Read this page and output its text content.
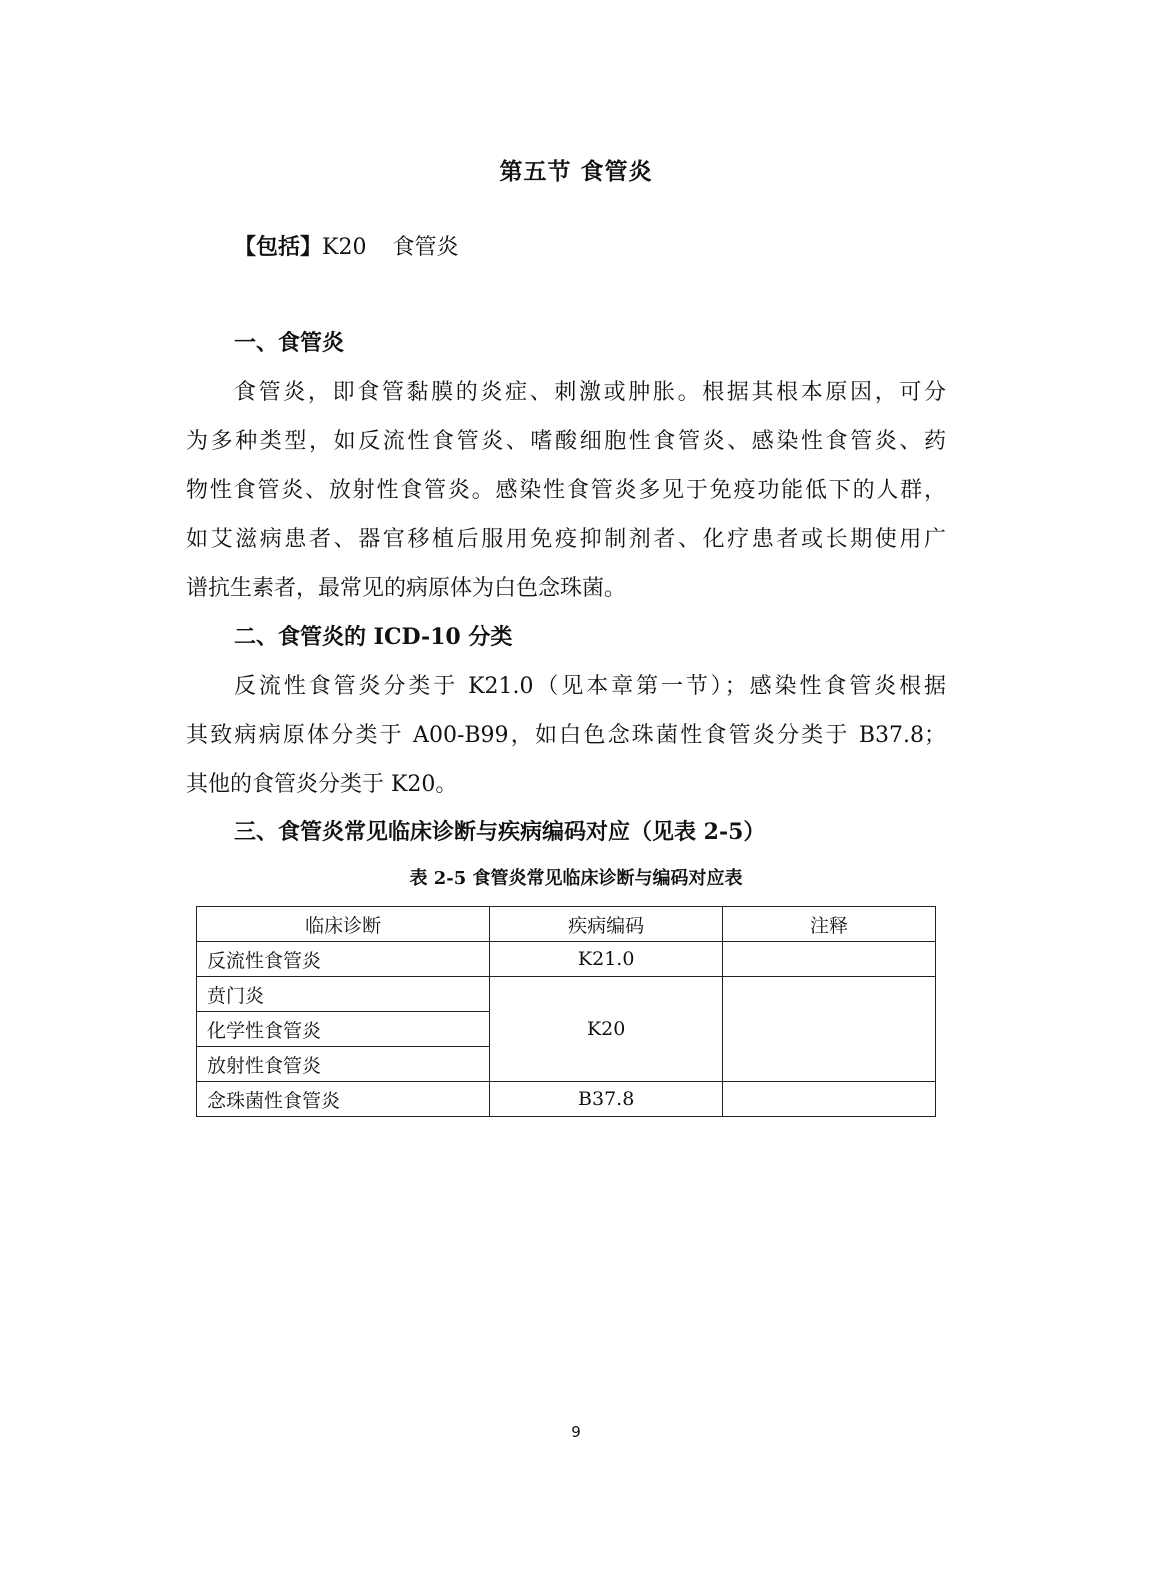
第五节 食管炎
【包括】K20 食管炎
一、食管炎
食管炎，即食管黏膜的炎症、刺激或肿胀。根据其根本原因，可分
为多种类型，如反流性食管炎、嗜酸细胞性食管炎、感染性食管炎、药
物性食管炎、放射性食管炎。感染性食管炎多见于免疫功能低下的人群，
如艾滋病患者、器官移植后服用免疫抑制剂者、化疗患者或长期使用广
谱抗生素者，最常见的病原体为白色念珠菌。
二、食管炎的 ICD-10 分类
反流性食管炎分类于 K21.0（见本章第一节）；感染性食管炎根据
其致病病原体分类于 A00-B99，如白色念珠菌性食管炎分类于 B37.8；
其他的食管炎分类于 K20。
三、食管炎常见临床诊断与疾病编码对应（见表 2-5）
表 2-5 食管炎常见临床诊断与编码对应表
临床诊断	疾病编码	注释
反流性食管炎	K21.0	
贲门炎	K20	
化学性食管炎		
放射性食管炎		
念珠菌性食管炎	B37.8	
9
